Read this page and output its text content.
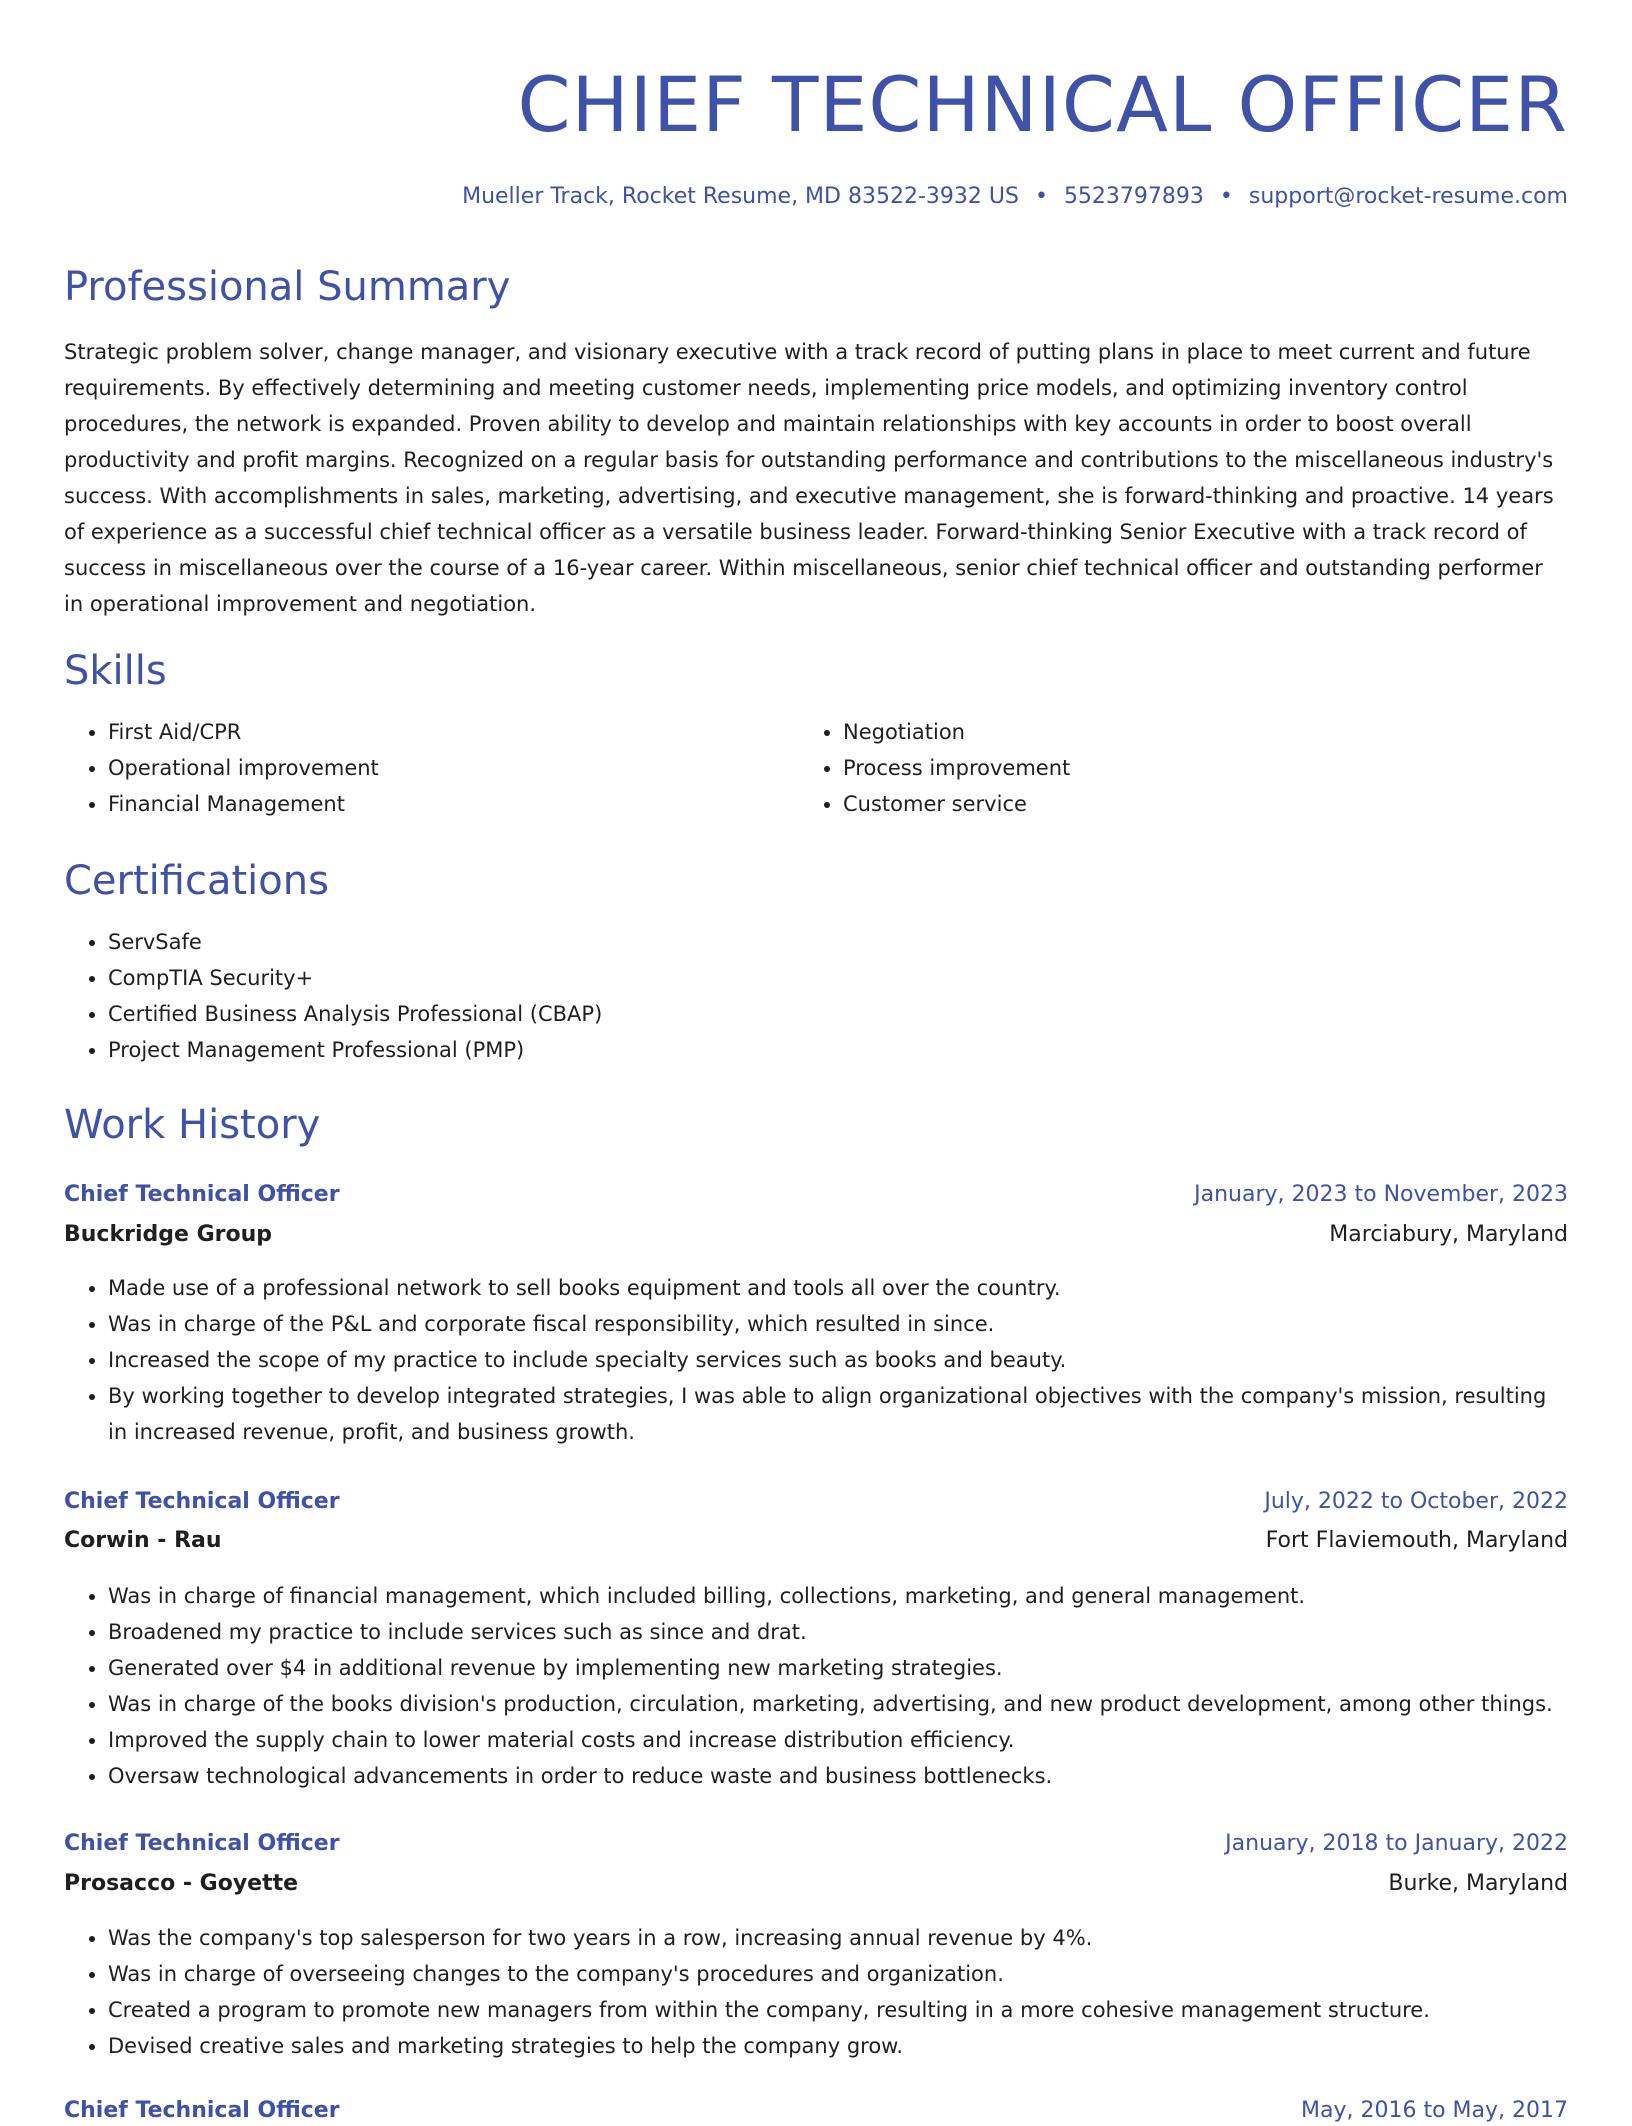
CHIEF TECHNICAL OFFICER
Mueller Track, Rocket Resume, MD 83522-3932 US • 5523797893 • support@rocket-resume.com
Professional Summary

Strategic problem solver, change manager, and visionary executive with a track record of putting plans in place to meet current and future requirements. By effectively determining and meeting customer needs, implementing price models, and optimizing inventory control procedures, the network is expanded. Proven ability to develop and maintain relationships with key accounts in order to boost overall productivity and profit margins. Recognized on a regular basis for outstanding performance and contributions to the miscellaneous industry's success. With accomplishments in sales, marketing, advertising, and executive management, she is forward-thinking and proactive. 14 years of experience as a successful chief technical officer as a versatile business leader. Forward-thinking Senior Executive with a track record of success in miscellaneous over the course of a 16-year career. Within miscellaneous, senior chief technical officer and outstanding performer in operational improvement and negotiation.

Skills
• First Aid/CPR
• Operational improvement
• Financial Management
• Negotiation
• Process improvement
• Customer service
Certifications
• ServSafe
• CompTIA Security+
• Certified Business Analysis Professional (CBAP)
• Project Management Professional (PMP)
Work History
Chief Technical Officer	January, 2023 to November, 2023
Buckridge Group	Marciabury, Maryland
• Made use of a professional network to sell books equipment and tools all over the country.
• Was in charge of the P&L and corporate fiscal responsibility, which resulted in since.
• Increased the scope of my practice to include specialty services such as books and beauty.
• By working together to develop integrated strategies, I was able to align organizational objectives with the company's mission, resulting in increased revenue, profit, and business growth.
Chief Technical Officer	July, 2022 to October, 2022
Corwin - Rau	Fort Flaviemouth, Maryland
• Was in charge of financial management, which included billing, collections, marketing, and general management.
• Broadened my practice to include services such as since and drat.
• Generated over $4 in additional revenue by implementing new marketing strategies.
• Was in charge of the books division's production, circulation, marketing, advertising, and new product development, among other things.
• Improved the supply chain to lower material costs and increase distribution efficiency.
• Oversaw technological advancements in order to reduce waste and business bottlenecks.
Chief Technical Officer	January, 2018 to January, 2022
Prosacco - Goyette	Burke, Maryland
• Was the company's top salesperson for two years in a row, increasing annual revenue by 4%.
• Was in charge of overseeing changes to the company's procedures and organization.
• Created a program to promote new managers from within the company, resulting in a more cohesive management structure.
• Devised creative sales and marketing strategies to help the company grow.
Chief Technical Officer	May, 2016 to May, 2017
